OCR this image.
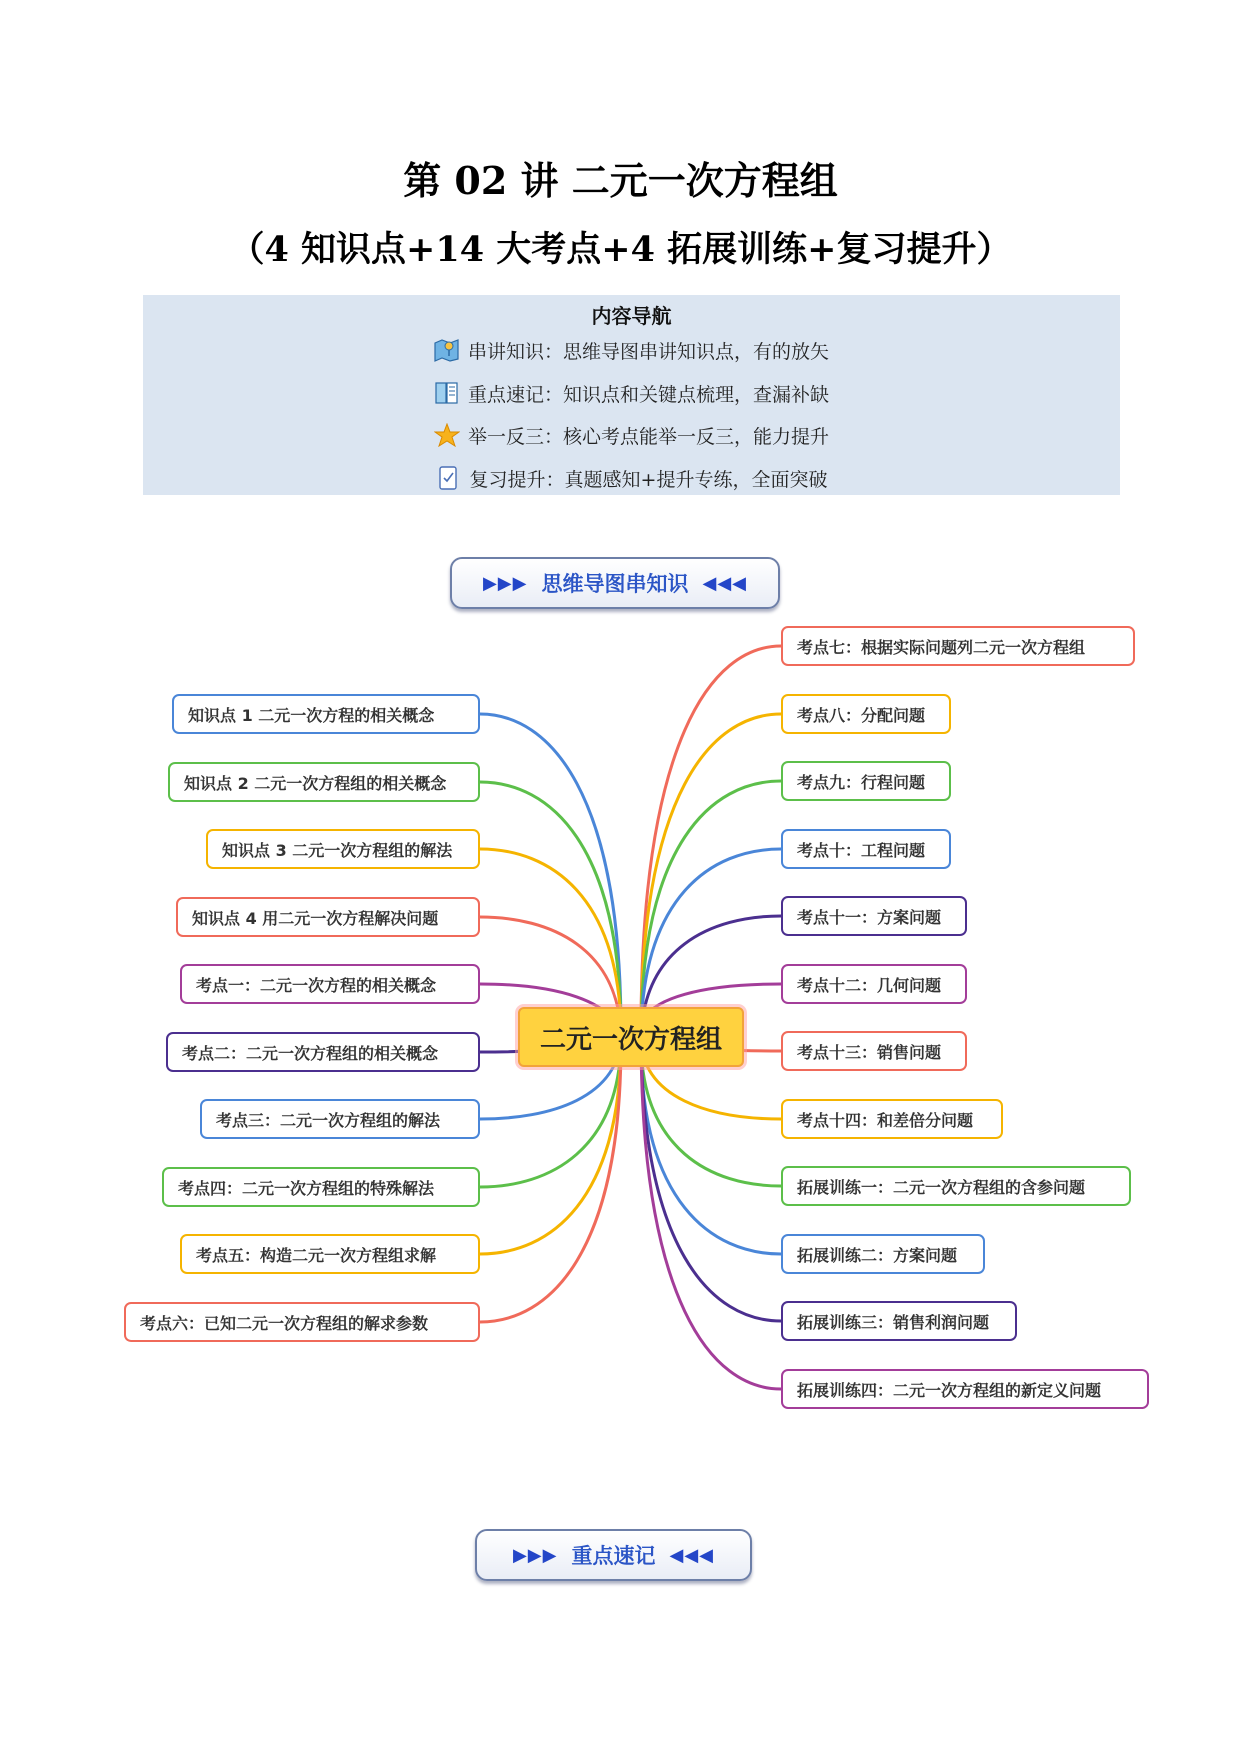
第 02 讲 二元一次方程组
（4 知识点+14 大考点+4 拓展训练+复习提升）
内容导航
串讲知识：思维导图串讲知识点，有的放矢
重点速记：知识点和关键点梳理，查漏补缺
举一反三：核心考点能举一反三，能力提升
复习提升：真题感知+提升专练，全面突破
▶▶▶ 思维导图串知识 ◀◀◀
知识点 1 二元一次方程的相关概念
知识点 2 二元一次方程组的相关概念
知识点 3 二元一次方程组的解法
知识点 4 用二元一次方程解决问题
考点一：二元一次方程的相关概念
考点二：二元一次方程组的相关概念
考点三：二元一次方程组的解法
考点四：二元一次方程组的特殊解法
考点五：构造二元一次方程组求解
考点六：已知二元一次方程组的解求参数
考点七：根据实际问题列二元一次方程组
考点八：分配问题
考点九：行程问题
考点十：工程问题
考点十一：方案问题
考点十二：几何问题
考点十三：销售问题
考点十四：和差倍分问题
拓展训练一：二元一次方程组的含参问题
拓展训练二：方案问题
拓展训练三：销售利润问题
拓展训练四：二元一次方程组的新定义问题
二元一次方程组
▶▶▶ 重点速记 ◀◀◀
